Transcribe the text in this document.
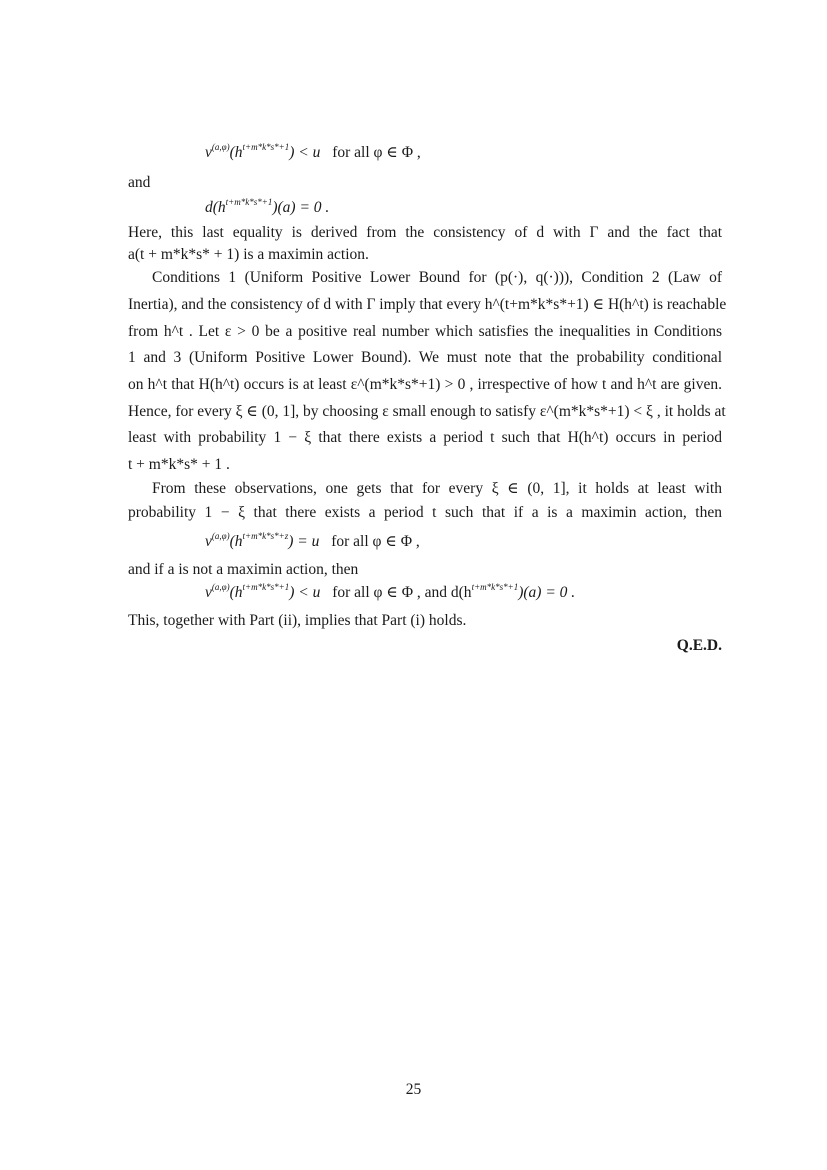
$\nu^{(a,\varphi)}(h^{t+m*k*s*+1}) < u$ for all φ ∈ Φ ,
and
$d(h^{t+m*k*s*+1})(a) = 0$ .
Here, this last equality is derived from the consistency of d with Γ and the fact that
a(t + m*k*s* + 1) is a maximin action.
Conditions 1 (Uniform Positive Lower Bound for (p(·), q(·))), Condition 2 (Law of
Inertia), and the consistency of d with Γ imply that every h^(t+m*k*s*+1) ∈ H(h^t) is reachable
from h^t . Let ε > 0 be a positive real number which satisfies the inequalities in Conditions
1 and 3 (Uniform Positive Lower Bound). We must note that the probability conditional
on h^t that H(h^t) occurs is at least ε^(m*k*s*+1) > 0 , irrespective of how t and h^t are given.
Hence, for every ξ ∈ (0, 1], by choosing ε small enough to satisfy ε^(m*k*s*+1) < ξ , it holds at
least with probability 1 − ξ that there exists a period t such that H(h^t) occurs in period
t + m*k*s* + 1 .
From these observations, one gets that for every ξ ∈ (0, 1], it holds at least with
probability 1 − ξ that there exists a period t such that if a is a maximin action, then
$\nu^{(a,\varphi)}(h^{t+m*k*s*+z}) = u$ for all φ ∈ Φ ,
and if a is not a maximin action, then
$\nu^{(a,\varphi)}(h^{t+m*k*s*+1}) < u$ for all φ ∈ Φ , and $d(h^{t+m*k*s*+1})(a) = 0$ .
This, together with Part (ii), implies that Part (i) holds.
Q.E.D.
25
